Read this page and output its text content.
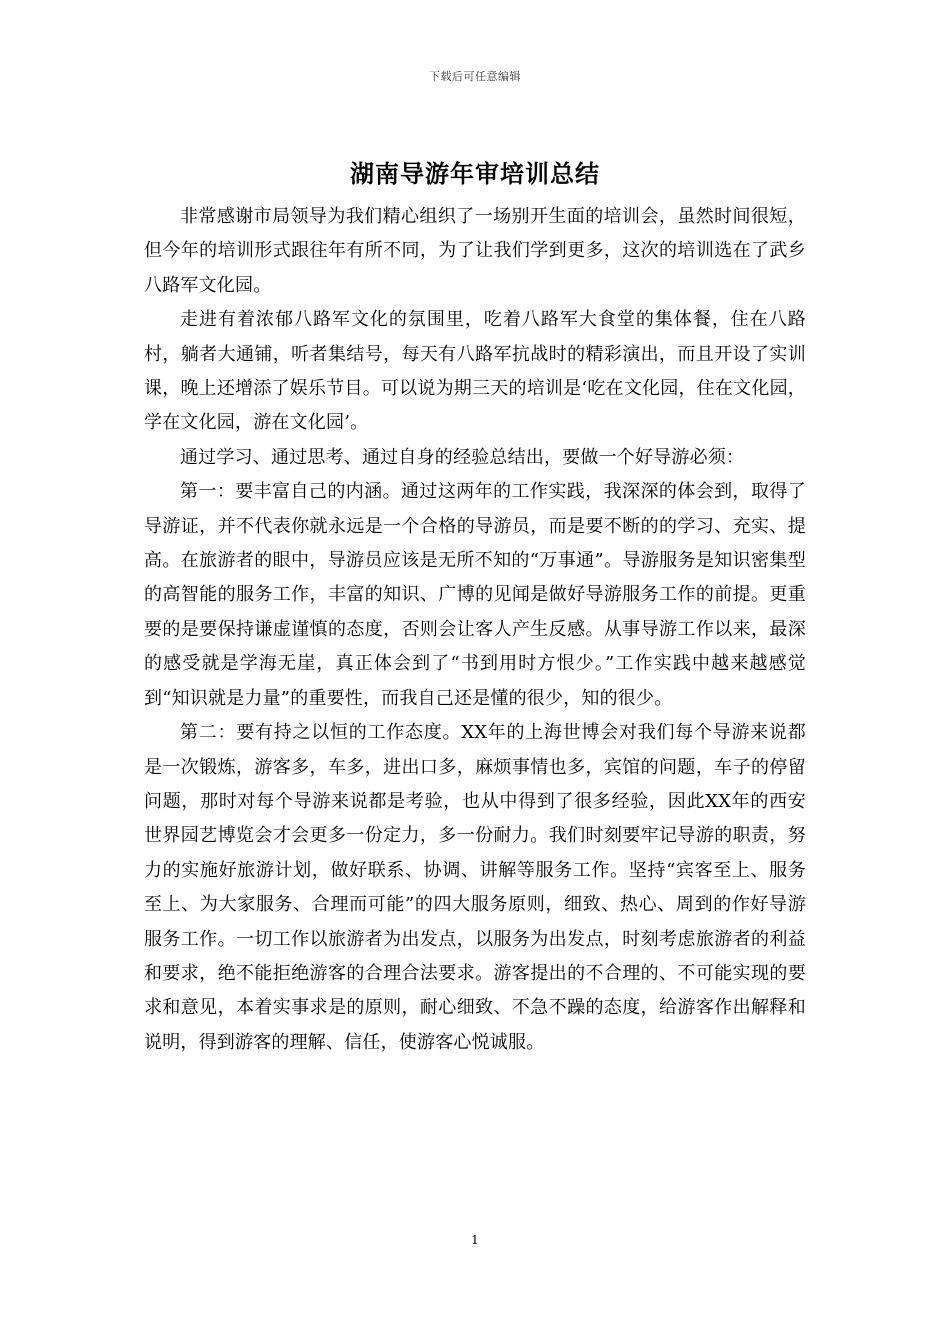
下载后可任意编辑
湖南导游年审培训总结

非常感谢市局领导为我们精心组织了一场别开生面的培训会，虽然时间很短，但今年的培训形式跟往年有所不同，为了让我们学到更多，这次的培训选在了武乡八路军文化园。

走进有着浓郁八路军文化的氛围里，吃着八路军大食堂的集体餐，住在八路村，躺者大通铺，听者集结号，每天有八路军抗战时的精彩演出，而且开设了实训课，晚上还增添了娱乐节目。可以说为期三天的培训是‘吃在文化园，住在文化园，学在文化园，游在文化园’。

通过学习、通过思考、通过自身的经验总结出，要做一个好导游必须：

第一：要丰富自己的内涵。通过这两年的工作实践，我深深的体会到，取得了导游证，并不代表你就永远是一个合格的导游员，而是要不断的的学习、充实、提高。在旅游者的眼中，导游员应该是无所不知的“万事通”。导游服务是知识密集型的高智能的服务工作，丰富的知识、广博的见闻是做好导游服务工作的前提。更重要的是要保持谦虚谨慎的态度，否则会让客人产生反感。从事导游工作以来，最深的感受就是学海无崖，真正体会到了“书到用时方恨少。”工作实践中越来越感觉到“知识就是力量”的重要性，而我自己还是懂的很少，知的很少。

第二：要有持之以恒的工作态度。XX年的上海世博会对我们每个导游来说都是一次锻炼，游客多，车多，进出口多，麻烦事情也多，宾馆的问题，车子的停留问题，那时对每个导游来说都是考验，也从中得到了很多经验，因此XX年的西安世界园艺博览会才会更多一份定力，多一份耐力。我们时刻要牢记导游的职责，努力的实施好旅游计划，做好联系、协调、讲解等服务工作。坚持“宾客至上、服务至上、为大家服务、合理而可能”的四大服务原则，细致、热心、周到的作好导游服务工作。一切工作以旅游者为出发点，以服务为出发点，时刻考虑旅游者的利益和要求，绝不能拒绝游客的合理合法要求。游客提出的不合理的、不可能实现的要求和意见，本着实事求是的原则，耐心细致、不急不躁的态度，给游客作出解释和说明，得到游客的理解、信任，使游客心悦诚服。

1
